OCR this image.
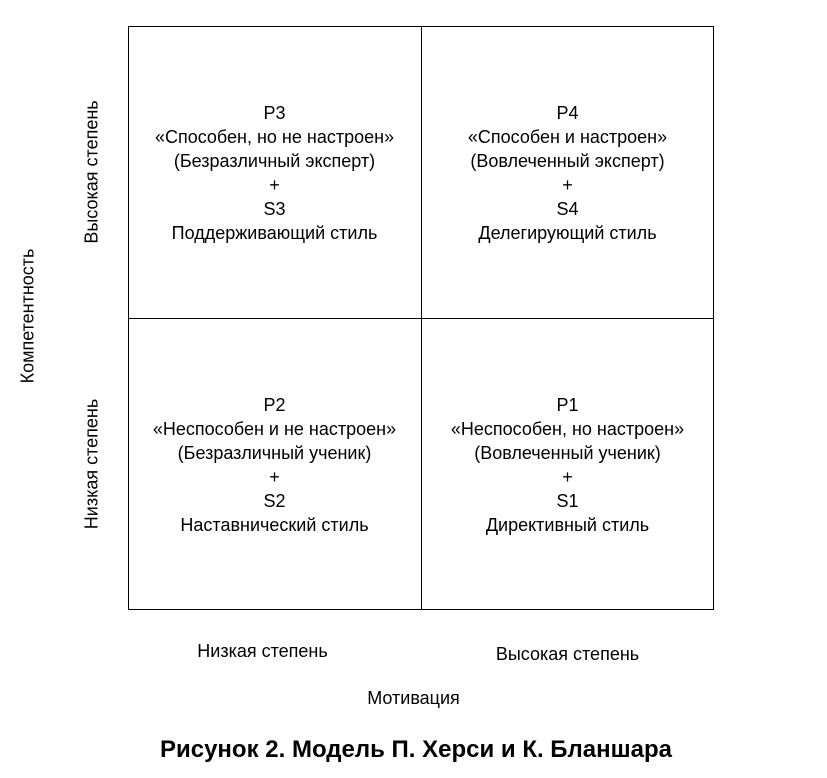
P3
«Способен, но не настроен»
(Безразличный эксперт)
+
S3
Поддерживающий стиль
P4
«Способен и настроен»
(Вовлеченный эксперт)
+
S4
Делегирующий стиль
P2
«Неспособен и не настроен»
(Безразличный ученик)
+
S2
Наставнический стиль
P1
«Неспособен, но настроен»
(Вовлеченный ученик)
+
S1
Директивный стиль
Компетентность
Высокая степень
Низкая степень
Низкая степень	Высокая степень
Мотивация
Рисунок 2. Модель П. Херси и К. Бланшара
